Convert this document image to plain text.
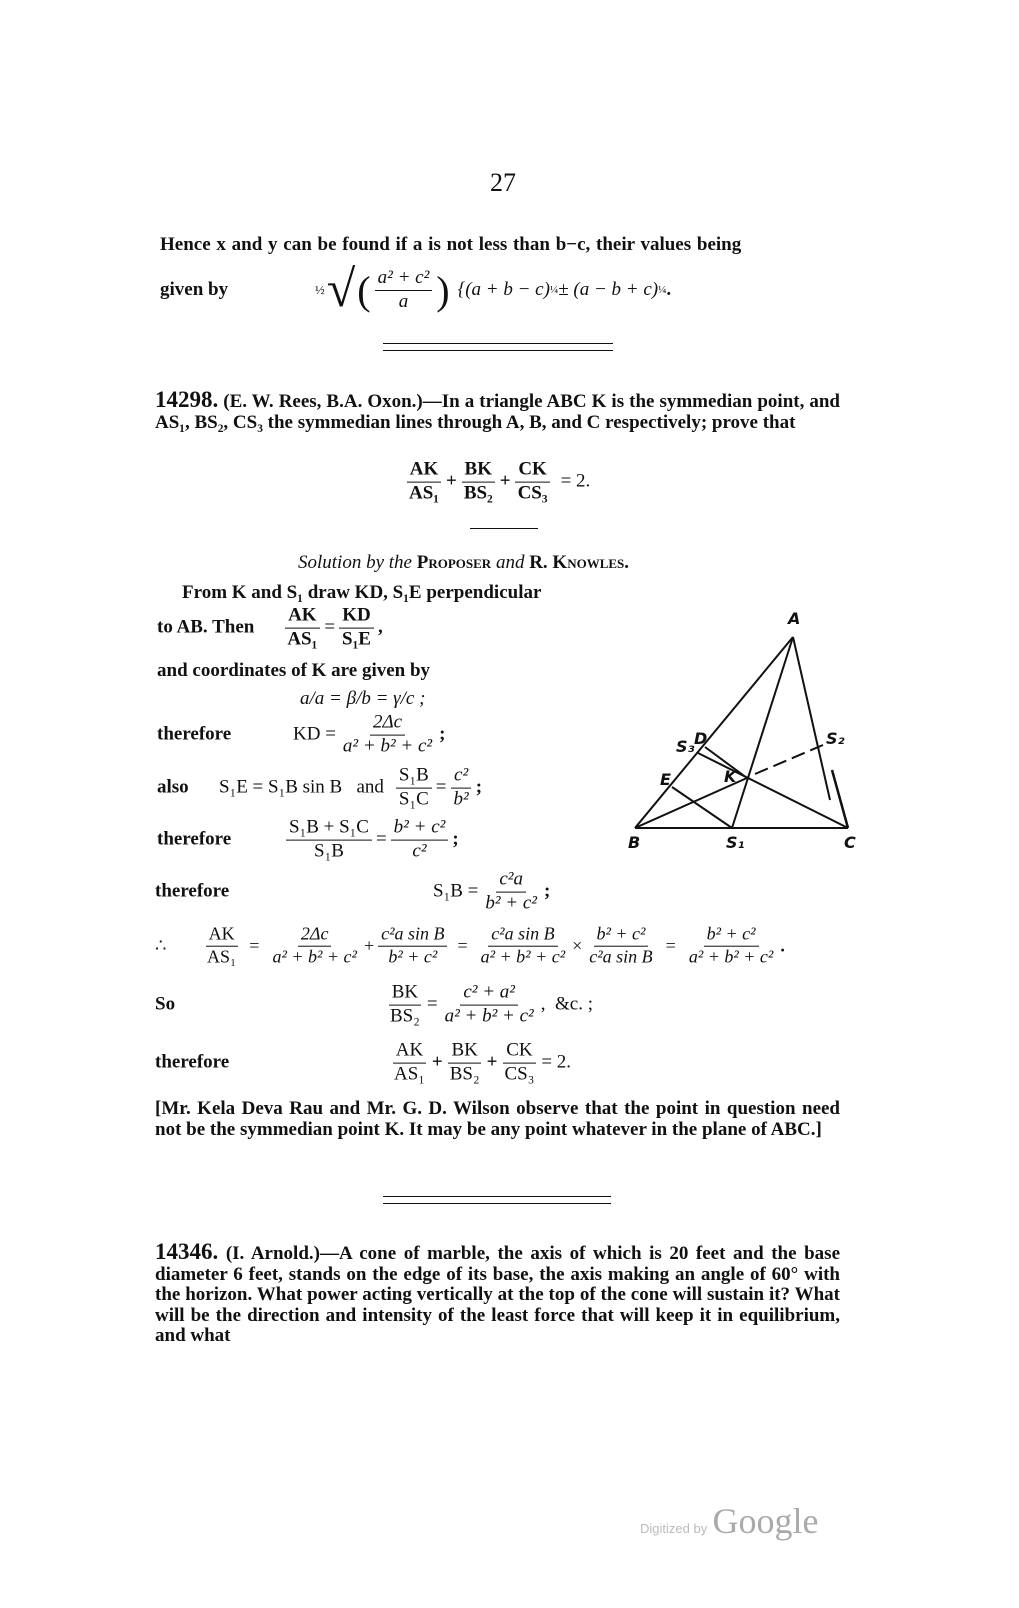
27
Hence x and y can be found if a is not less than b−c, their values being
given by	½ √ ( $\frac{\text{a² + c²}}{a}$ ) {(a + b − c) ¼ ± (a − b + c) ¼ .
14298. (E. W. Rees, B.A. Oxon.)—In a triangle ABC K is the symmedian point, and AS₁, BS₂, CS₃ the symmedian lines through A, B, and C respectively; prove that
$\frac{AK}{\text{AS₁}} + \frac{BK}{\text{BS₂}} + \frac{CK}{\text{CS₃}} = 2$.
Solution by the Proposer and R. Knowles.
From K and S₁ draw KD, S₁E perpendicular
to AB. Then $\frac{AK}{\text{AS₁}} = \frac{KD}{\text{S₁E}}$ ,
and coordinates of K are given by
a/a = β/b = γ/c ;
therefore	KD = $\frac{2\Delta c}{\text{a² + b² + c²}}$ ;
also	S₁E = S₁B sin B   and $\frac{\text{S₁B}}{\text{S₁C}} = \frac{\text{c²}}{\text{b²}}$ ;
therefore	$\frac{\text{S₁B + S₁C}}{\text{S₁B}} = \frac{\text{b² + c²}}{\text{c²}}$ ;
therefore	$S_1B = \frac{\text{c²a}}{\text{b² + c²}}$ ;
∴	$\frac{AK}{\text{AS₁}} = \frac{2\Delta c}{\text{a² + b² + c²}} + \frac{\text{c²a sin B}}{\text{b² + c²}} = \frac{\text{c²a sin B}}{\text{a² + b² + c²}} \times \frac{\text{b² + c²}}{\text{c²a sin B}} = \frac{\text{b² + c²}}{\text{a² + b² + c²}}$ .
So	$\frac{BK}{\text{BS₂}} = \frac{\text{c² + a²}}{\text{a² + b² + c²}}$ ,  &c. ;
therefore	$\frac{AK}{\text{AS₁}} + \frac{BK}{\text{BS₂}} + \frac{CK}{\text{CS₃}} = 2$.
[Mr. Kela Deva Rau and Mr. G. D. Wilson observe that the point in question need not be the symmedian point K. It may be any point whatever in the plane of ABC.]
A
S₃ D	S₂
E	K
B	S₁	C
14346. (I. Arnold.)—A cone of marble, the axis of which is 20 feet and the base diameter 6 feet, stands on the edge of its base, the axis making an angle of 60° with the horizon. What power acting vertically at the top of the cone will sustain it? What will be the direction and intensity of the least force that will keep it in equilibrium, and what
Digitized by Google
